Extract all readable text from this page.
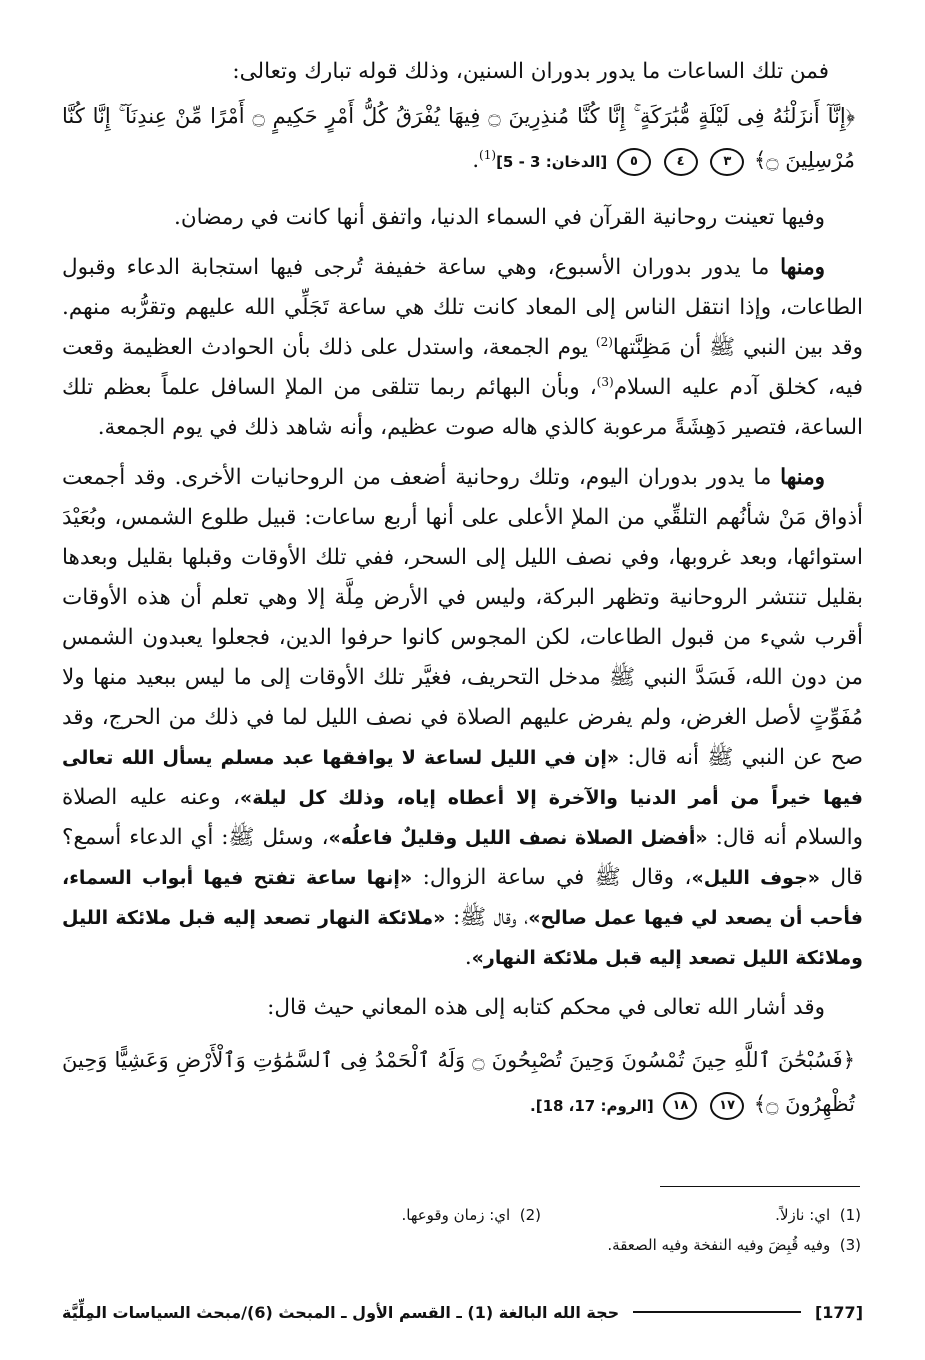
فمن تلك الساعات ما يدور بدوران السنين، وذلك قوله تبارك وتعالى:

﴿إِنَّآ أَنزَلْنَٰهُ فِى لَيْلَةٍ مُّبَٰرَكَةٍ ۚ إِنَّا كُنَّا مُنذِرِينَ ۝ فِيهَا يُفْرَقُ كُلُّ أَمْرٍ حَكِيمٍ ۝ أَمْرًا مِّنْ عِندِنَآ ۚ إِنَّا كُنَّا مُرْسِلِينَ ۝﴾ ٣ ٤ ٥ [الدخان: 3 - 5]$^{(1)}$.

وفيها تعينت روحانية القرآن في السماء الدنيا، واتفق أنها كانت في رمضان.

ومنها ما يدور بدوران الأسبوع، وهي ساعة خفيفة تُرجى فيها استجابة الدعاء وقبول الطاعات، وإذا انتقل الناس إلى المعاد كانت تلك هي ساعة تَجَلِّي الله عليهم وتقرُّبه منهم. وقد بين النبي ﷺ أن مَظِنَّتها$^{(2)}$ يوم الجمعة، واستدل على ذلك بأن الحوادث العظيمة وقعت فيه، كخلق آدم عليه السلام$^{(3)}$، وبأن البهائم ربما تتلقى من الملإ السافل علماً بعظم تلك الساعة، فتصير دَهِشَةً مرعوبة كالذي هاله صوت عظيم، وأنه شاهد ذلك في يوم الجمعة.

ومنها ما يدور بدوران اليوم، وتلك روحانية أضعف من الروحانيات الأخرى. وقد أجمعت أذواق مَنْ شأنُهم التلقِّي من الملإ الأعلى على أنها أربع ساعات: قبيل طلوع الشمس، وبُعَيْدَ استوائها، وبعد غروبها، وفي نصف الليل إلى السحر، ففي تلك الأوقات وقبلها بقليل وبعدها بقليل تنتشر الروحانية وتظهر البركة، وليس في الأرض مِلَّة إلا وهي تعلم أن هذه الأوقات أقرب شيء من قبول الطاعات، لكن المجوس كانوا حرفوا الدين، فجعلوا يعبدون الشمس من دون الله، فَسَدَّ النبي ﷺ مدخل التحريف، فغيَّر تلك الأوقات إلى ما ليس ببعيد منها ولا مُفَوِّتٍ لأصل الغرض، ولم يفرض عليهم الصلاة في نصف الليل لما في ذلك من الحرج، وقد صح عن النبي ﷺ أنه قال: «إن في الليل لساعة لا يوافقها عبد مسلم يسأل الله تعالى فيها خيراً من أمر الدنيا والآخرة إلا أعطاه إياه، وذلك كل ليلة»، وعنه عليه الصلاة والسلام أنه قال: «أفضل الصلاة نصف الليل وقليلٌ فاعلُه»، وسئل ﷺ: أي الدعاء أسمع؟ قال «جوف الليل»، وقال ﷺ في ساعة الزوال: «إنها ساعة تفتح فيها أبواب السماء، فأحب أن يصعد لي فيها عمل صالح»، وقال ﷺ: «ملائكة النهار تصعد إليه قبل ملائكة الليل وملائكة الليل تصعد إليه قبل ملائكة النهار».

وقد أشار الله تعالى في محكم كتابه إلى هذه المعاني حيث قال:

﴿فَسُبْحَٰنَ ٱللَّهِ حِينَ تُمْسُونَ وَحِينَ تُصْبِحُونَ ۝ وَلَهُ ٱلْحَمْدُ فِى ٱلسَّمَٰوَٰتِ وَٱلْأَرْضِ وَعَشِيًّا وَحِينَ تُظْهِرُونَ ۝﴾ ١٧ ١٨ [الروم: 17، 18].

(1) اي: نازلاً.
(2) اي: زمان وقوعها.
(3) وفيه قُبِضَ وفيه النفخة وفيه الصعقة.
[177]
حجة الله البالغة (1) ـ القسم الأول ـ المبحث (6)/مبحث السياسات المِلِّيَّة
